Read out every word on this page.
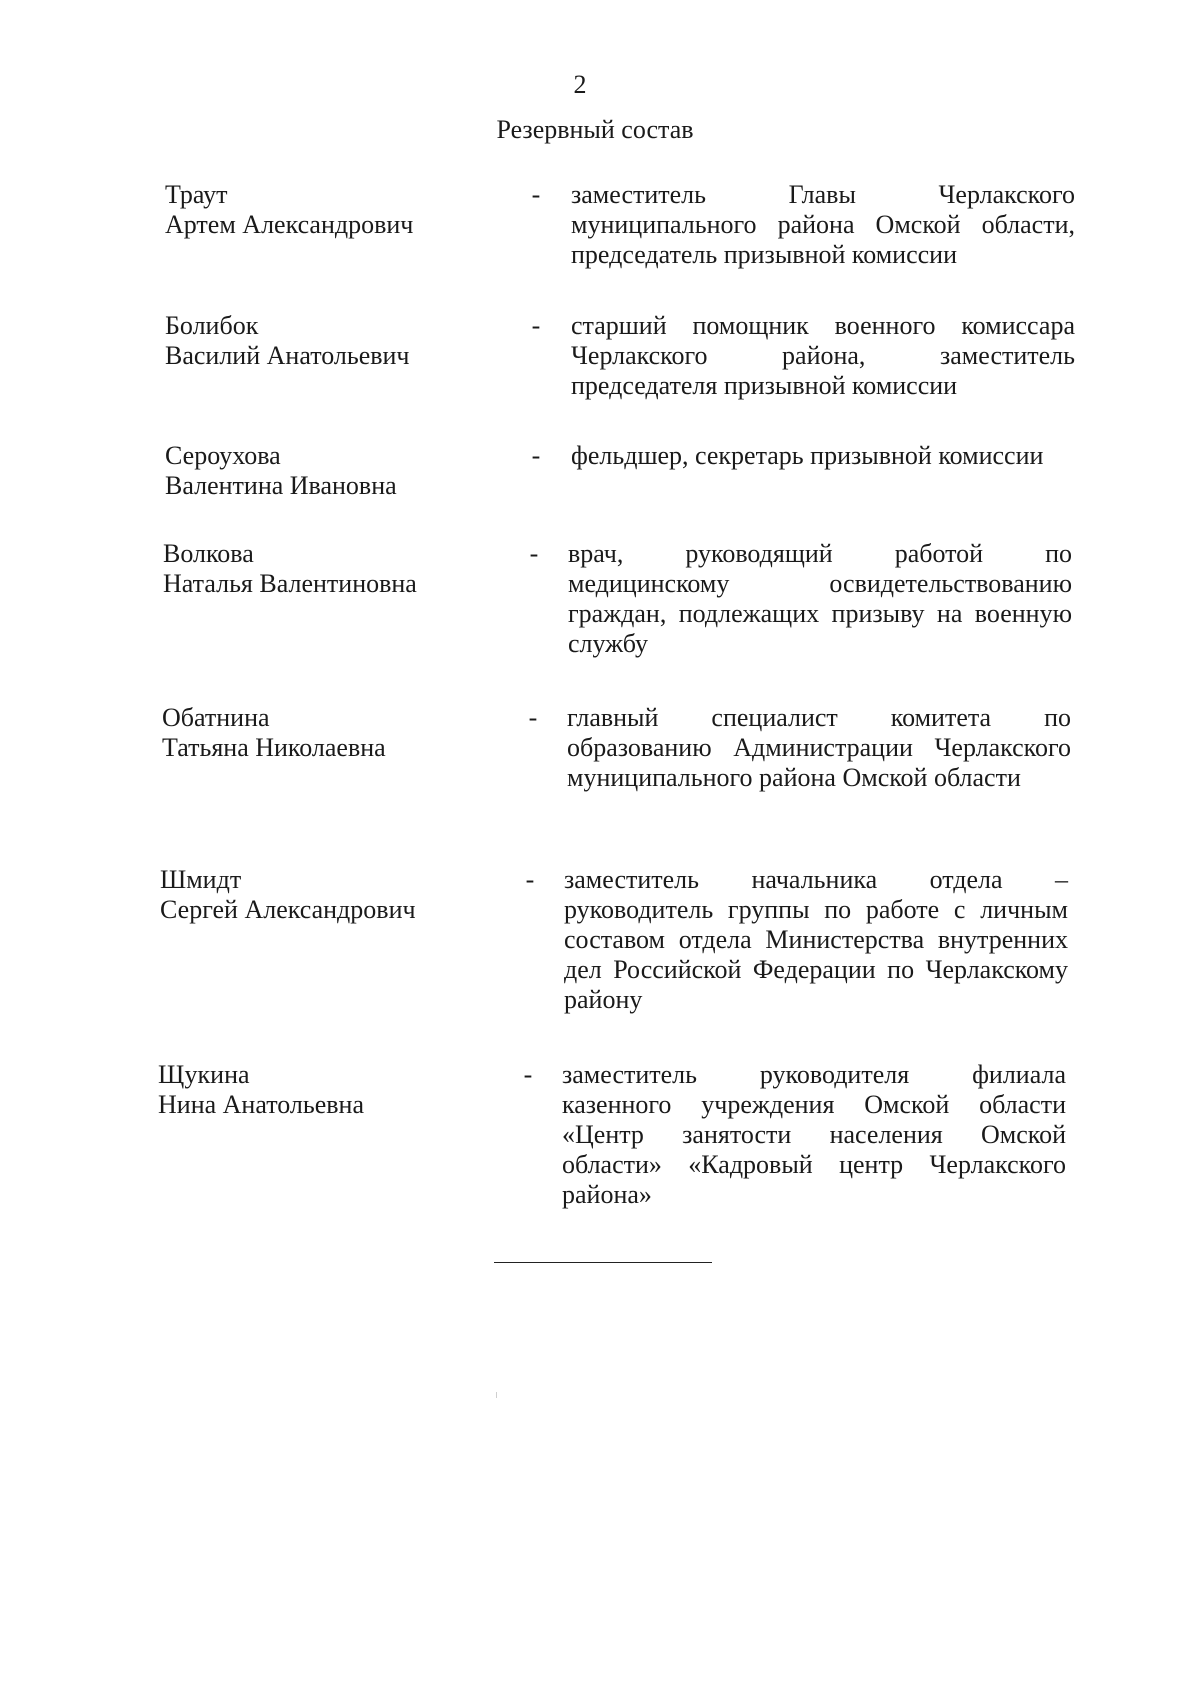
2
Резервный состав
Траут
Артем Александрович
- заместитель Главы Черлакского муниципального района Омской области, председатель призывной комиссии
Болибок
Василий Анатольевич
- старший помощник военного комиссара Черлакского района, заместитель председателя призывной комиссии
Сероухова
Валентина Ивановна
- фельдшер, секретарь призывной комиссии
Волкова
Наталья Валентиновна
- врач, руководящий работой по медицинскому освидетельствованию граждан, подлежащих призыву на военную службу
Обатнина
Татьяна Николаевна
- главный специалист комитета по образованию Администрации Черлакского муниципального района Омской области
Шмидт
Сергей Александрович
- заместитель начальника отдела – руководитель группы по работе с личным составом отдела Министерства внутренних дел Российской Федерации по Черлакскому району
Щукина
Нина Анатольевна
- заместитель руководителя филиала казенного учреждения Омской области «Центр занятости населения Омской области» «Кадровый центр Черлакского района»
